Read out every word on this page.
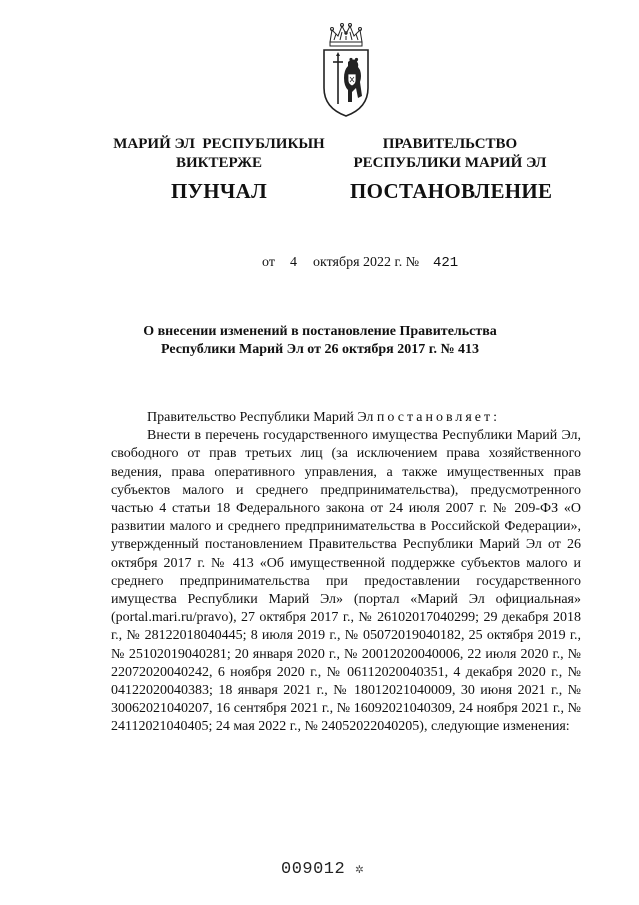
МАРИЙ ЭЛ  РЕСПУБЛИКЫН
ВИКТЕРЖЕ
ПУНЧАЛ
ПРАВИТЕЛЬСТВО
РЕСПУБЛИКИ МАРИЙ ЭЛ
ПОСТАНОВЛЕНИЕ
от 4 октября 2022 г. № 421
О внесении изменений в постановление Правительства
Республики Марий Эл от 26 октября 2017 г. № 413

Правительство Республики Марий Эл постановляет:

Внести в перечень государственного имущества Республики Марий Эл, свободного от прав третьих лиц (за исключением права хозяйственного ведения, права оперативного управления, а также имущественных прав субъектов малого и среднего предпринимательства), предусмотренного частью 4 статьи 18 Федерального закона от 24 июля 2007 г. № 209-ФЗ «О развитии малого и среднего предпринимательства в Российской Федерации», утвержденный постановлением Правительства Республики Марий Эл от 26 октября 2017 г. № 413 «Об имущественной поддержке субъектов малого и среднего предпринимательства при предоставлении государственного имущества Республики Марий Эл» (портал «Марий Эл официальная» (portal.mari.ru/pravo), 27 октября 2017 г., № 26102017040299; 29 декабря 2018 г., № 28122018040445; 8 июля 2019 г., № 05072019040182, 25 октября 2019 г., № 25102019040281; 20 января 2020 г., № 20012020040006, 22 июля 2020 г., № 22072020040242, 6 ноября 2020 г., № 06112020040351, 4 декабря 2020 г., № 04122020040383; 18 января 2021 г., № 18012021040009, 30 июня 2021 г., № 30062021040207, 16 сентября 2021 г., № 16092021040309, 24 ноября 2021 г., № 24112021040405; 24 мая 2022 г., № 24052022040205), следующие изменения:

009012 ✲
